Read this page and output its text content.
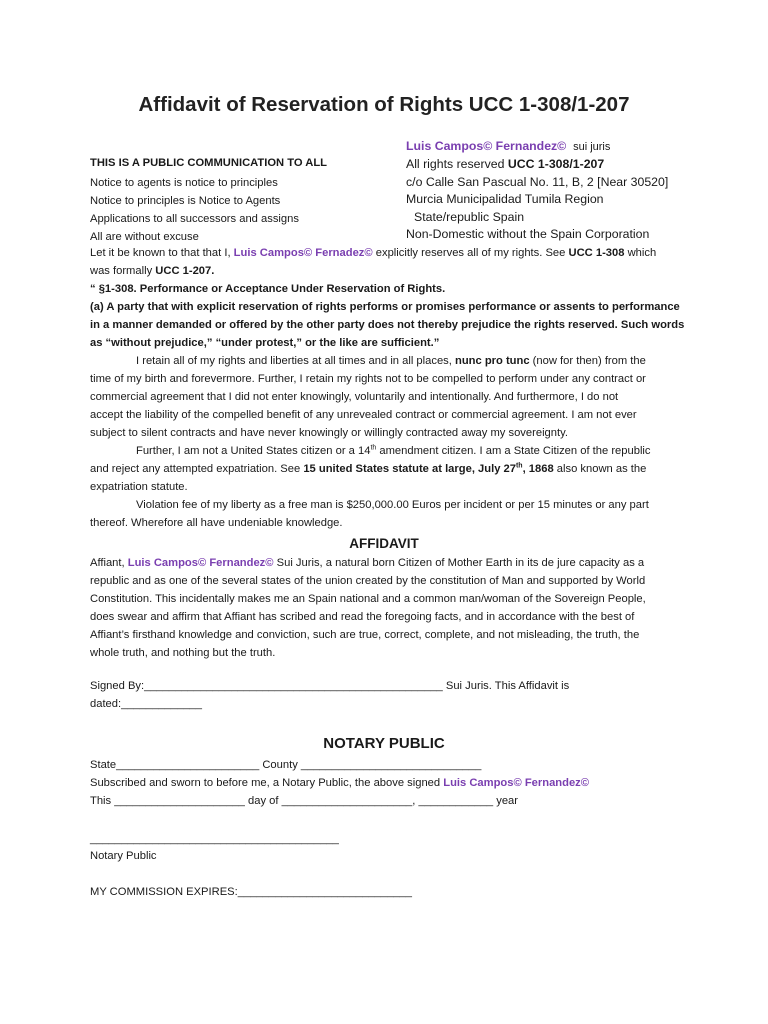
Affidavit of Reservation of Rights UCC 1-308/1-207
Luis Campos© Fernandez© sui juris
All rights reserved UCC 1-308/1-207
c/o Calle San Pascual No. 11, B, 2 [Near 30520]
Murcia Municipalidad Tumila Region
State/republic Spain
Non-Domestic without the Spain Corporation
THIS IS A PUBLIC COMMUNICATION TO ALL
Notice to agents is notice to principles
Notice to principles is Notice to Agents
Applications to all successors and assigns
All are without excuse
Let it be known to that that I, Luis Campos© Fernadez© explicitly reserves all of my rights. See UCC 1-308 which
was formally UCC 1-207.
“ §1-308. Performance or Acceptance Under Reservation of Rights.
(a) A party that with explicit reservation of rights performs or promises performance or assents to performance
in a manner demanded or offered by the other party does not thereby prejudice the rights reserved. Such words
as “without prejudice,” “under protest,” or the like are sufficient.”
I retain all of my rights and liberties at all times and in all places, nunc pro tunc (now for then) from the
time of my birth and forevermore. Further, I retain my rights not to be compelled to perform under any contract or
commercial agreement that I did not enter knowingly, voluntarily and intentionally. And furthermore, I do not
accept the liability of the compelled benefit of any unrevealed contract or commercial agreement. I am not ever
subject to silent contracts and have never knowingly or willingly contracted away my sovereignty.
Further, I am not a United States citizen or a 14th amendment citizen. I am a State Citizen of the republic
and reject any attempted expatriation. See 15 united States statute at large, July 27th, 1868 also known as the
expatriation statute.
Violation fee of my liberty as a free man is $250,000.00 Euros per incident or per 15 minutes or any part
thereof. Wherefore all have undeniable knowledge.
AFFIDAVIT
Affiant, Luis Campos© Fernandez© Sui Juris, a natural born Citizen of Mother Earth in its de jure capacity as a
republic and as one of the several states of the union created by the constitution of Man and supported by World
Constitution. This incidentally makes me an Spain national and a common man/woman of the Sovereign People,
does swear and affirm that Affiant has scribed and read the foregoing facts, and in accordance with the best of
Affiant’s firsthand knowledge and conviction, such are true, correct, complete, and not misleading, the truth, the
whole truth, and nothing but the truth.
Signed By:________________________________________________ Sui Juris. This Affidavit is
dated:_____________
NOTARY PUBLIC
State_______________________ County _____________________________
Subscribed and sworn to before me, a Notary Public, the above signed Luis Campos© Fernandez©
This _____________________ day of _____________________, ____________ year
________________________________________
Notary Public
MY COMMISSION EXPIRES:____________________________
